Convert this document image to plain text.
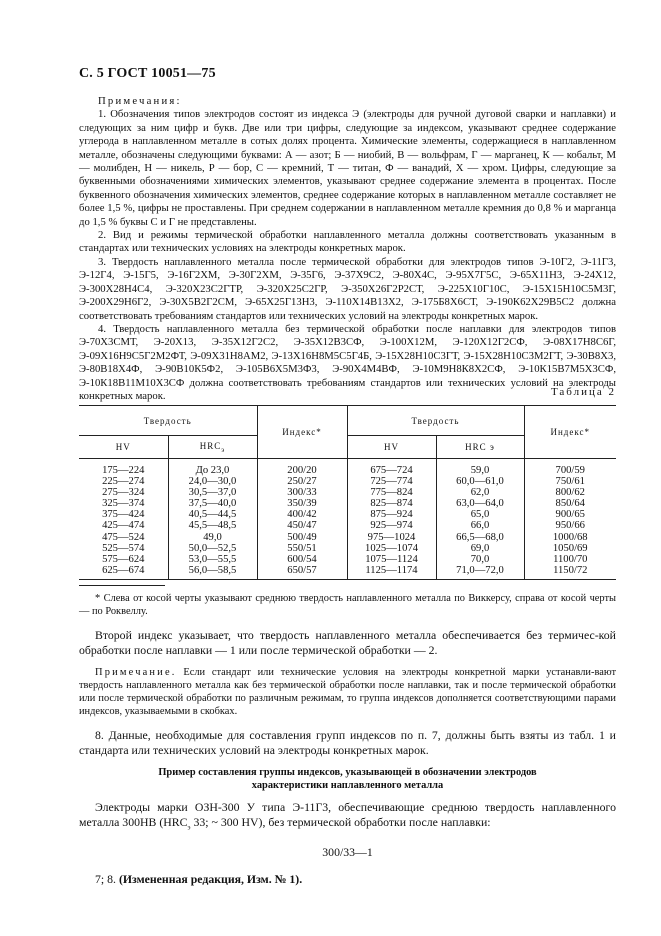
С. 5 ГОСТ 10051—75

Примечания:

1. Обозначения типов электродов состоят из индекса Э (электроды для ручной дуговой сварки и наплавки) и следующих за ним цифр и букв. Две или три цифры, следующие за индексом, указывают среднее содержание углерода в наплавленном металле в сотых долях процента. Химические элементы, содержащиеся в наплавленном металле, обозначены следующими буквами: А — азот; Б — ниобий, В — вольфрам, Г — марганец, К — кобальт, М — молибден, Н — никель, Р — бор, С — кремний, Т — титан, Ф — ванадий, Х — хром. Цифры, следующие за буквенными обозначениями химических элементов, указывают среднее содержание элемента в процентах. После буквенного обозначения химических элементов, среднее содержание которых в наплавленном металле составляет не более 1,5 %, цифры не проставлены. При среднем содержании в наплавленном металле кремния до 0,8 % и марганца до 1,5 % буквы С и Г не представлены.

2. Вид и режимы термической обработки наплавленного металла должны соответствовать указанным в стандартах или технических условиях на электроды конкретных марок.

3. Твердость наплавленного металла после термической обработки для электродов типов Э-10Г2, Э-11Г3, Э-12Г4, Э-15Г5, Э-16Г2ХМ, Э-30Г2ХМ, Э-35Г6, Э-37Х9С2, Э-80Х4С, Э-95Х7Г5С, Э-65Х11Н3, Э-24Х12, Э-300Х28Н4С4, Э-320Х23С2ГТР, Э-320Х25С2ГР, Э-350Х26Г2Р2СТ, Э-225Х10Г10С, Э-15Х15Н10С5М3Г, Э-200Х29Н6Г2, Э-30Х5В2Г2СМ, Э-65Х25Г13Н3, Э-110Х14В13Х2, Э-175Б8Х6СТ, Э-190К62Х29В5С2 должна соответствовать требованиям стандартов или технических условий на электроды конкретных марок.

4. Твердость наплавленного металла без термической обработки после наплавки для электродов типов Э-70Х3СМТ, Э-20Х13, Э-35Х12Г2С2, Э-35Х12В3СФ, Э-100Х12М, Э-120Х12Г2СФ, Э-08Х17Н8С6Г, Э-09Х16Н9С5Г2М2ФТ, Э-09Х31Н8АМ2, Э-13Х16Н8М5С5Г4Б, Э-15Х28Н10С3ГТ, Э-15Х28Н10С3М2ГТ, Э-30В8Х3, Э-80В18Х4Ф, Э-90В10К5Ф2, Э-105В6Х5М3Ф3, Э-90Х4М4ВФ, Э-10М9Н8К8Х2СФ, Э-10К15В7М5Х3СФ, Э-10К18В11М10Х3СФ должна соответствовать требованиям стандартов или технических условий на электроды конкретных марок.	Таблица 2
Твердость		Индекс*	Твердость		Индекс*
HV	$HRC_э$		HV	HRC э	
175—224	До 23,0	200/20	675—724	59,0	700/59
225—274	24,0—30,0	250/27	725—774	60,0—61,0	750/61
275—324	30,5—37,0	300/33	775—824	62,0	800/62
325—374	37,5—40,0	350/39	825—874	63,0—64,0	850/64
375—424	40,5—44,5	400/42	875—924	65,0	900/65
425—474	45,5—48,5	450/47	925—974	66,0	950/66
475—524	49,0	500/49	975—1024	66,5—68,0	1000/68
525—574	50,0—52,5	550/51	1025—1074	69,0	1050/69
575—624	53,0—55,5	600/54	1075—1124	70,0	1100/70
625—674	56,0—58,5	650/57	1125—1174	71,0—72,0	1150/72

* Слева от косой черты указывают среднюю твердость наплавленного металла по Виккерсу, справа от косой черты — по Роквеллу.

Второй индекс указывает, что твердость наплавленного металла обеспечивается без термичес-кой обработки после наплавки — 1 или после термической обработки — 2.

Примечание. Если стандарт или технические условия на электроды конкретной марки устанавли-вают твердость наплавленного металла как без термической обработки после наплавки, так и после термической обработки или после термической обработки по различным режимам, то группа индексов дополняется соответствующими парами индексов, указываемыми в скобках.

8. Данные, необходимые для составления групп индексов по п. 7, должны быть взяты из табл. 1 и стандарта или технических условий на электроды конкретных марок.

Пример составления группы индексов, указывающей в обозначении электродов характеристики наплавленного металла

Электроды марки ОЗН-300 У типа Э-11Г3, обеспечивающие среднюю твердость наплавленного металла 300HB ($HRC_э$ 33; ~ 300 HV), без термической обработки после наплавки:

300/33—1

7; 8. (Измененная редакция, Изм. № 1).
